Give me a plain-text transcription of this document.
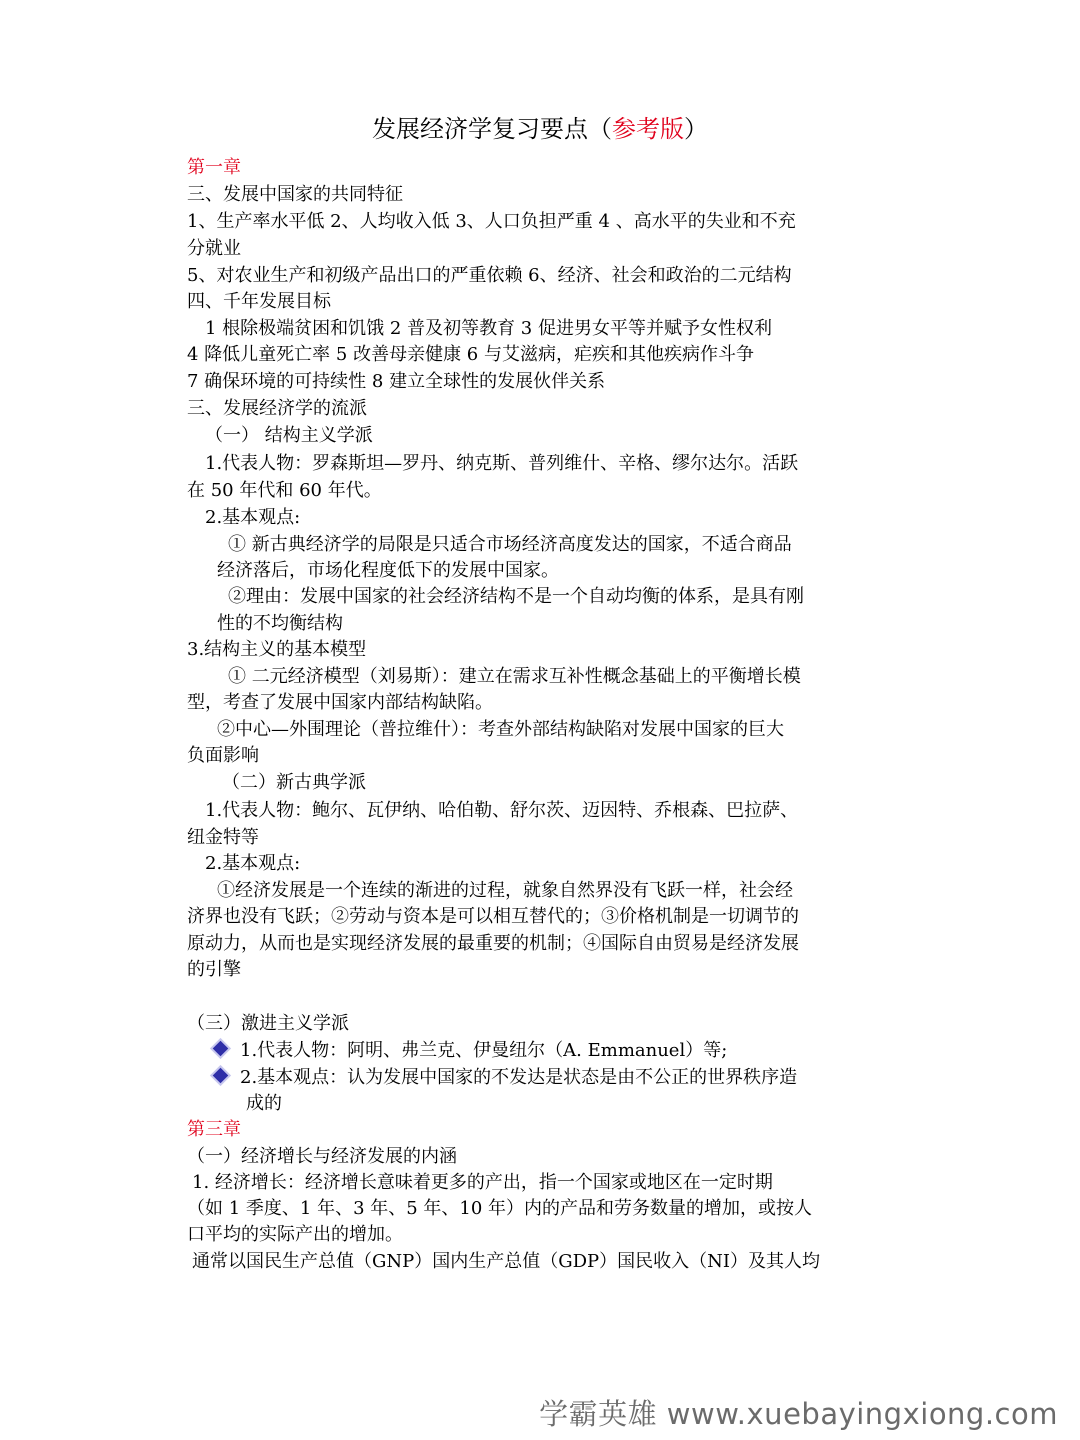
发展经济学复习要点（参考版）
第一章
三、发展中国家的共同特征
1、生产率水平低 2、人均收入低 3、人口负担严重 4 、高水平的失业和不充
分就业
5、对农业生产和初级产品出口的严重依赖 6、经济、社会和政治的二元结构
四、千年发展目标
1 根除极端贫困和饥饿 2 普及初等教育 3 促进男女平等并赋予女性权利
4 降低儿童死亡率 5 改善母亲健康 6 与艾滋病，疟疾和其他疾病作斗争
7 确保环境的可持续性 8 建立全球性的发展伙伴关系
三、发展经济学的流派
（一） 结构主义学派
1.代表人物：罗森斯坦—罗丹、纳克斯、普列维什、辛格、缪尔达尔。活跃
在 50 年代和 60 年代。
2.基本观点:
① 新古典经济学的局限是只适合市场经济高度发达的国家，不适合商品
经济落后，市场化程度低下的发展中国家。
②理由：发展中国家的社会经济结构不是一个自动均衡的体系，是具有刚
性的不均衡结构
3.结构主义的基本模型
① 二元经济模型（刘易斯）：建立在需求互补性概念基础上的平衡增长模
型，考查了发展中国家内部结构缺陷。
②中心—外围理论（普拉维什）：考查外部结构缺陷对发展中国家的巨大
负面影响
（二）新古典学派
1.代表人物：鲍尔、瓦伊纳、哈伯勒、舒尔茨、迈因特、乔根森、巴拉萨、
纽金特等
2.基本观点:
①经济发展是一个连续的渐进的过程，就象自然界没有飞跃一样，社会经
济界也没有飞跃；②劳动与资本是可以相互替代的；③价格机制是一切调节的
原动力，从而也是实现经济发展的最重要的机制；④国际自由贸易是经济发展
的引擎
（三）激进主义学派
1.代表人物：阿明、弗兰克、伊曼纽尔（A. Emmanuel）等;
2.基本观点：认为发展中国家的不发达是状态是由不公正的世界秩序造
成的
第三章
（一）经济增长与经济发展的内涵
1. 经济增长：经济增长意味着更多的产出，指一个国家或地区在一定时期
（如 1 季度、1 年、3 年、5 年、10 年）内的产品和劳务数量的增加，或按人
口平均的实际产出的增加。
通常以国民生产总值（GNP）国内生产总值（GDP）国民收入（NI）及其人均
学霸英雄 www.xuebayingxiong.com
